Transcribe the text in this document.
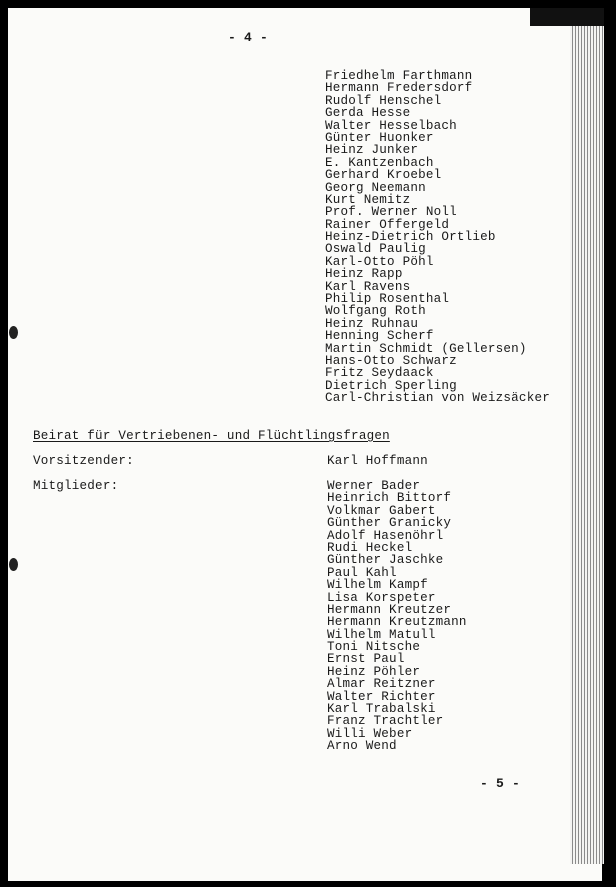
- 4 -
Friedhelm Farthmann
Hermann Fredersdorf
Rudolf Henschel
Gerda Hesse
Walter Hesselbach
Günter Huonker
Heinz Junker
E. Kantzenbach
Gerhard Kroebel
Georg Neemann
Kurt Nemitz
Prof. Werner Noll
Rainer Offergeld
Heinz-Dietrich Ortlieb
Oswald Paulig
Karl-Otto Pöhl
Heinz Rapp
Karl Ravens
Philip Rosenthal
Wolfgang Roth
Heinz Ruhnau
Henning Scherf
Martin Schmidt (Gellersen)
Hans-Otto Schwarz
Fritz Seydaack
Dietrich Sperling
Carl-Christian von Weizsäcker
Beirat für Vertriebenen- und Flüchtlingsfragen
Vorsitzender:	Karl Hoffmann
Mitglieder:	Werner Bader
Heinrich Bittorf
Volkmar Gabert
Günther Granicky
Adolf Hasenöhrl
Rudi Heckel
Günther Jaschke
Paul Kahl
Wilhelm Kampf
Lisa Korspeter
Hermann Kreutzer
Hermann Kreutzmann
Wilhelm Matull
Toni Nitsche
Ernst Paul
Heinz Pöhler
Almar Reitzner
Walter Richter
Karl Trabalski
Franz Trachtler
Willi Weber
Arno Wend
- 5 -
